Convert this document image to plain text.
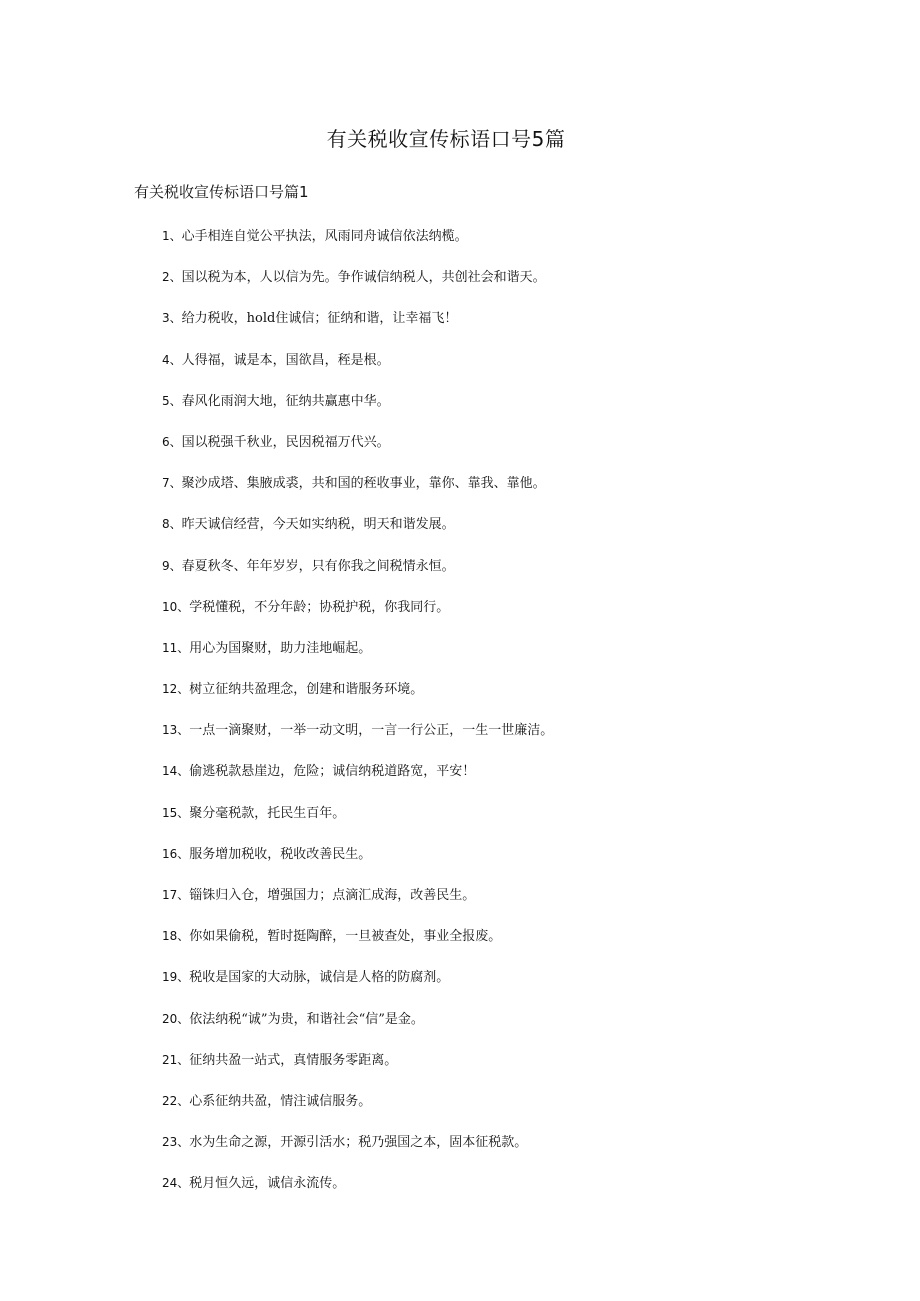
有关税收宣传标语口号5篇
有关税收宣传标语口号篇1
1、心手相连自觉公平执法，风雨同舟诚信依法纳榄。
2、国以税为本，人以信为先。争作诚信纳税人，共创社会和谐天。
3、给力税收，hold住诚信；征纳和谐，让幸福飞！
4、人得福，诚是本，国欲昌，秷是根。
5、春风化雨润大地，征纳共赢惠中华。
6、国以税强千秋业，民因税福万代兴。
7、聚沙成塔、集腋成裘，共和国的秷收事业，靠你、靠我、靠他。
8、昨天诚信经营，今天如实纳税，明天和谐发展。
9、春夏秋冬、年年岁岁，只有你我之间税情永恒。
10、学税懂税，不分年龄；协税护税，你我同行。
11、用心为国聚财，助力洼地崛起。
12、树立征纳共盈理念，创建和谐服务环境。
13、一点一滴聚财，一举一动文明，一言一行公正，一生一世廉洁。
14、偷逃税款悬崖边，危险；诚信纳税道路宽，平安！
15、聚分毫税款，托民生百年。
16、服务增加税收，税收改善民生。
17、锱铢归入仓，增强国力；点滴汇成海，改善民生。
18、你如果偷税，暂时挺陶醉，一旦被查处，事业全报废。
19、税收是国家的大动脉，诚信是人格的防腐剂。
20、依法纳税“诚”为贵，和谐社会“信”是金。
21、征纳共盈一站式，真情服务零距离。
22、心系征纳共盈，情注诚信服务。
23、水为生命之源，开源引活水；税乃强国之本，固本征税款。
24、税月恒久远，诚信永流传。
